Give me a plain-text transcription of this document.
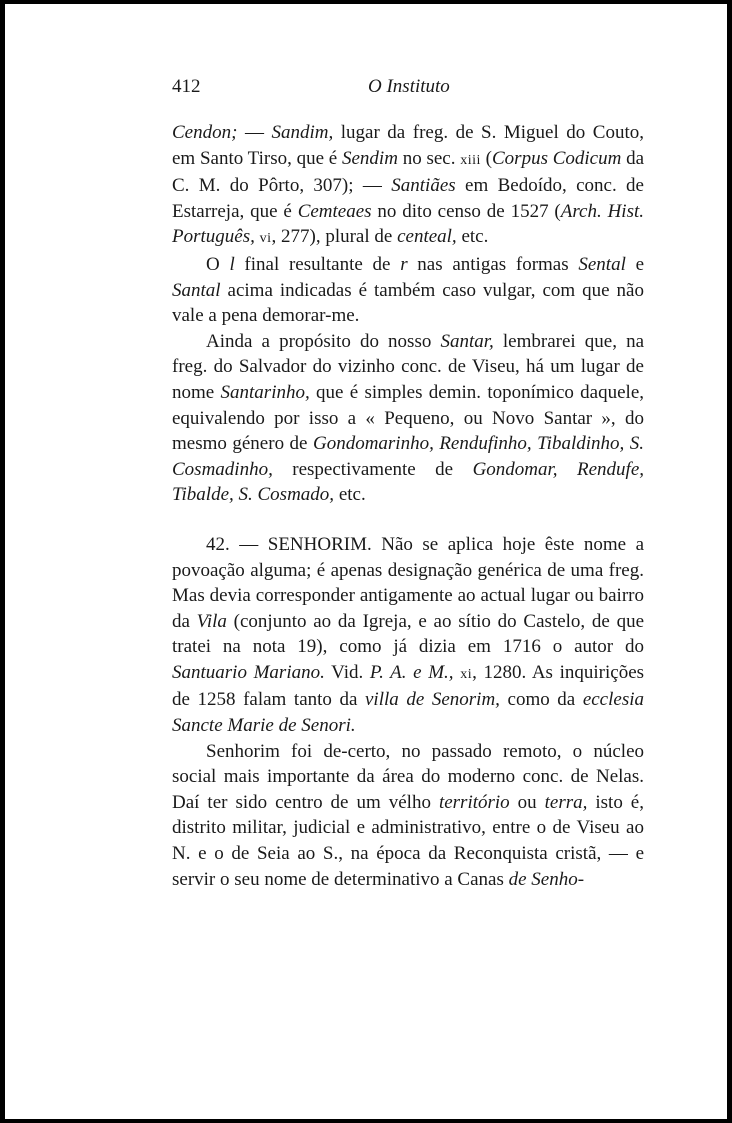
412	O Instituto

Cendon; — Sandim, lugar da freg. de S. Miguel do Couto, em Santo Tirso, que é Sendim no sec. xiii (Corpus Codicum da C. M. do Pôrto, 307); — Santiães em Bedoído, conc. de Estarreja, que é Cemteaes no dito censo de 1527 (Arch. Hist. Português, vi, 277), plural de centeal, etc.

O l final resultante de r nas antigas formas Sental e Santal acima indicadas é também caso vulgar, com que não vale a pena demorar-me.

Ainda a propósito do nosso Santar, lembrarei que, na freg. do Salvador do vizinho conc. de Viseu, há um lugar de nome Santarinho, que é simples demin. toponímico daquele, equivalendo por isso a « Pequeno, ou Novo Santar », do mesmo género de Gondomarinho, Rendufinho, Tibaldinho, S. Cosmadinho, respectivamente de Gondomar, Rendufe, Tibalde, S. Cosmado, etc.

42. — SENHORIM. Não se aplica hoje êste nome a povoação alguma; é apenas designação genérica de uma freg. Mas devia corresponder antigamente ao actual lugar ou bairro da Vila (conjunto ao da Igreja, e ao sítio do Castelo, de que tratei na nota 19), como já dizia em 1716 o autor do Santuario Mariano. Vid. P. A. e M., xi, 1280. As inquirições de 1258 falam tanto da villa de Senorim, como da ecclesia Sancte Marie de Senori.

Senhorim foi de-certo, no passado remoto, o núcleo social mais importante da área do moderno conc. de Nelas. Daí ter sido centro de um vélho território ou terra, isto é, distrito militar, judicial e administrativo, entre o de Viseu ao N. e o de Seia ao S., na época da Reconquista cristã, — e servir o seu nome de determinativo a Canas de Senho-
